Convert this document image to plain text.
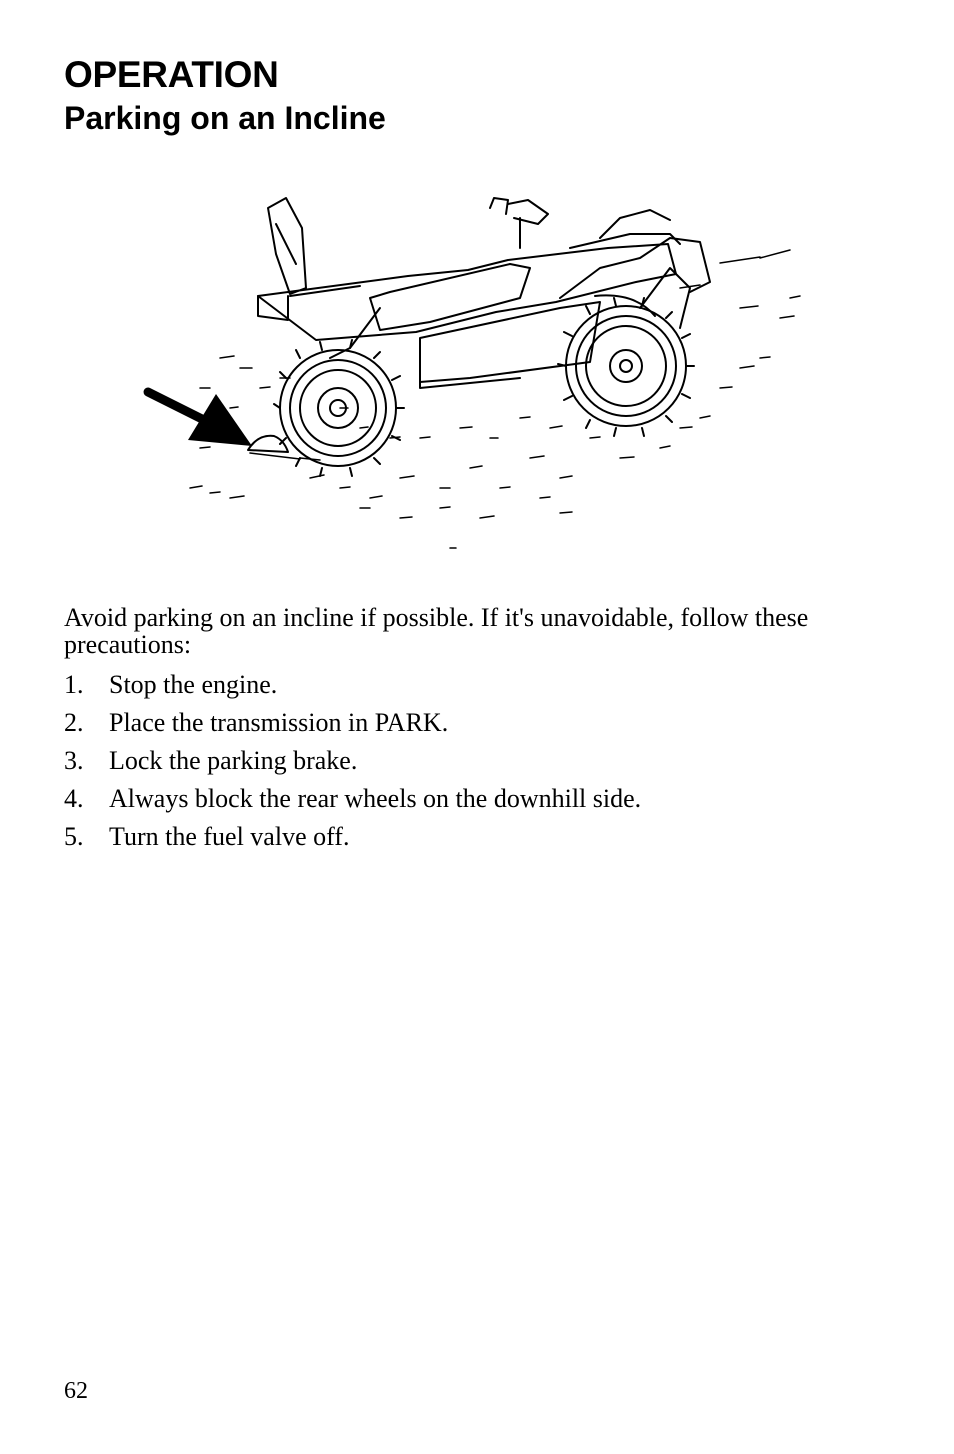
OPERATION
Parking on an Incline

Avoid parking on an incline if possible. If it's unavoidable, follow these precautions:

1. Stop the engine.
2. Place the transmission in PARK.
3. Lock the parking brake.
4. Always block the rear wheels on the downhill side.
5. Turn the fuel valve off.
62
